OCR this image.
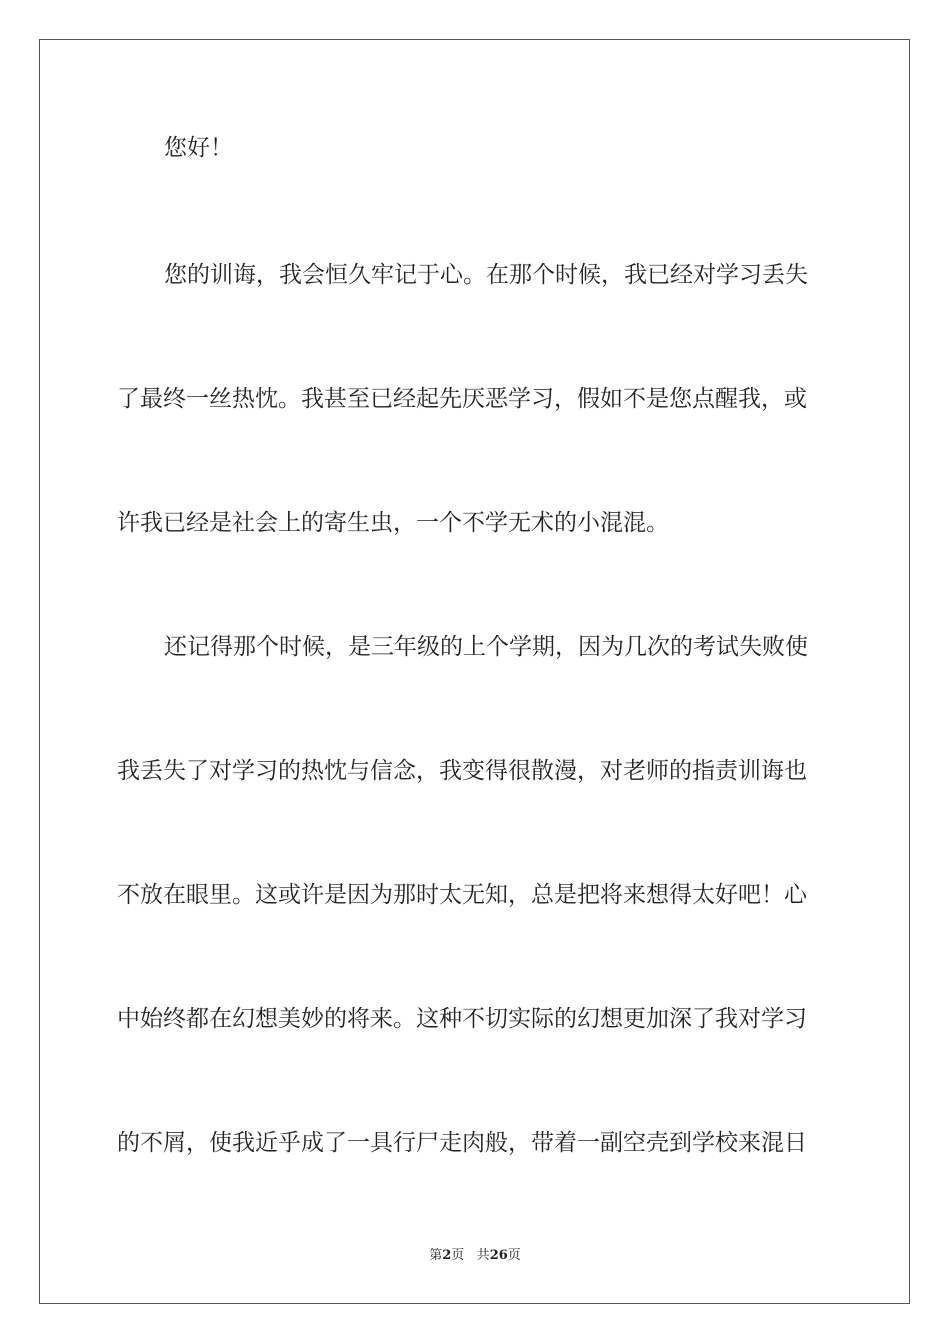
您好！
您的训诲，我会恒久牢记于心。在那个时候，我已经对学习丢失
了最终一丝热忱。我甚至已经起先厌恶学习，假如不是您点醒我，或
许我已经是社会上的寄生虫，一个不学无术的小混混。
还记得那个时候，是三年级的上个学期，因为几次的考试失败使
我丢失了对学习的热忱与信念，我变得很散漫，对老师的指责训诲也
不放在眼里。这或许是因为那时太无知，总是把将来想得太好吧！心
中始终都在幻想美妙的将来。这种不切实际的幻想更加深了我对学习
的不屑，使我近乎成了一具行尸走肉般，带着一副空壳到学校来混日
第2页 共26页
